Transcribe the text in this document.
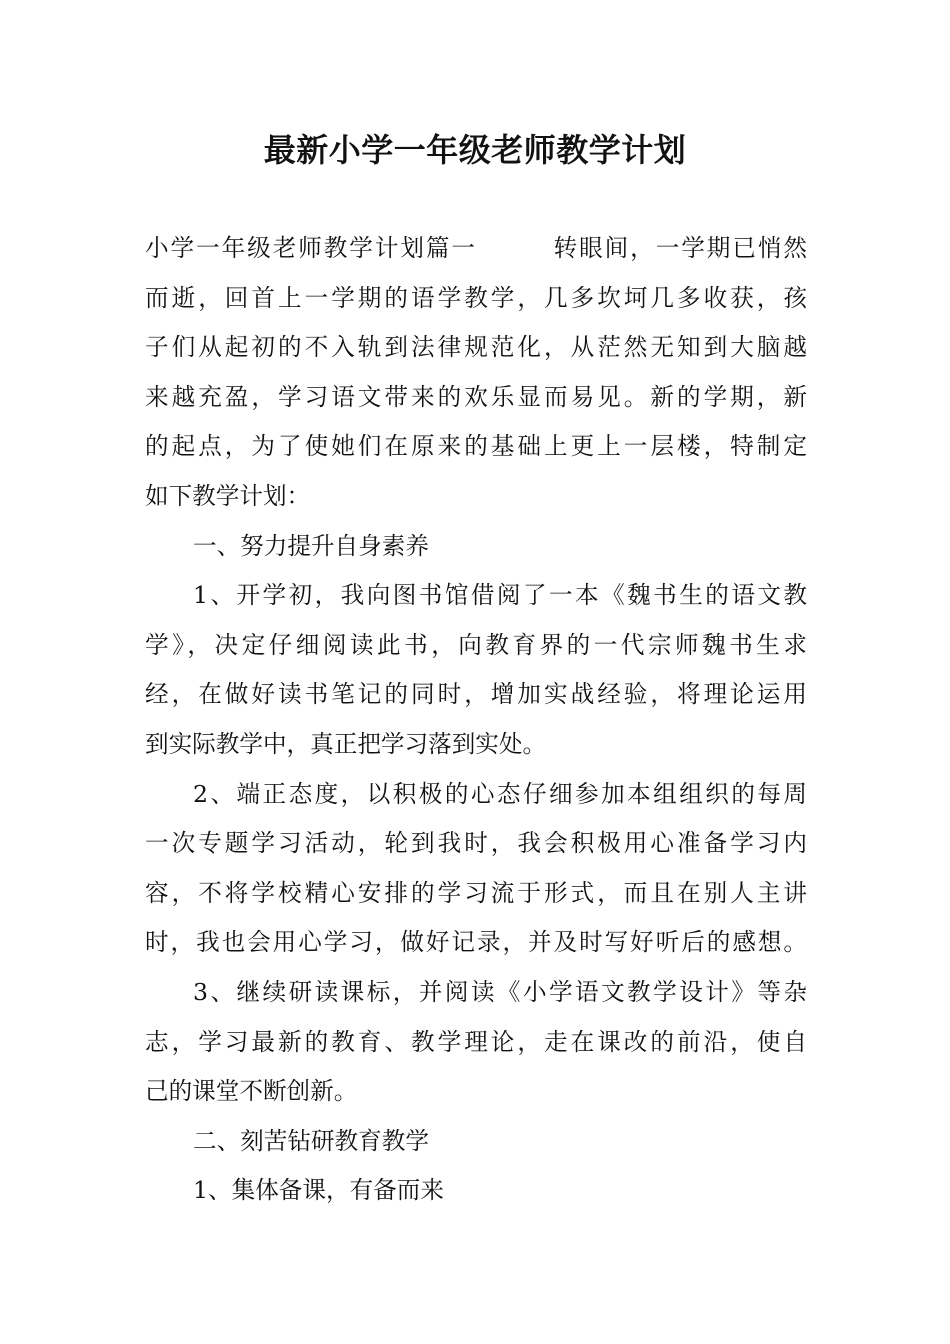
最新小学一年级老师教学计划
小学一年级老师教学计划篇一　　　转眼间，一学期已悄然
而逝，回首上一学期的语学教学，几多坎坷几多收获，孩
子们从起初的不入轨到法律规范化，从茫然无知到大脑越
来越充盈，学习语文带来的欢乐显而易见。新的学期，新
的起点，为了使她们在原来的基础上更上一层楼，特制定
如下教学计划：
一、努力提升自身素养
1、开学初，我向图书馆借阅了一本《魏书生的语文教
学》，决定仔细阅读此书，向教育界的一代宗师魏书生求
经，在做好读书笔记的同时，增加实战经验，将理论运用
到实际教学中，真正把学习落到实处。
2、端正态度，以积极的心态仔细参加本组组织的每周
一次专题学习活动，轮到我时，我会积极用心准备学习内
容，不将学校精心安排的学习流于形式，而且在别人主讲
时，我也会用心学习，做好记录，并及时写好听后的感想。
3、继续研读课标，并阅读《小学语文教学设计》等杂
志，学习最新的教育、教学理论，走在课改的前沿，使自
己的课堂不断创新。
二、刻苦钻研教育教学
1、集体备课，有备而来
